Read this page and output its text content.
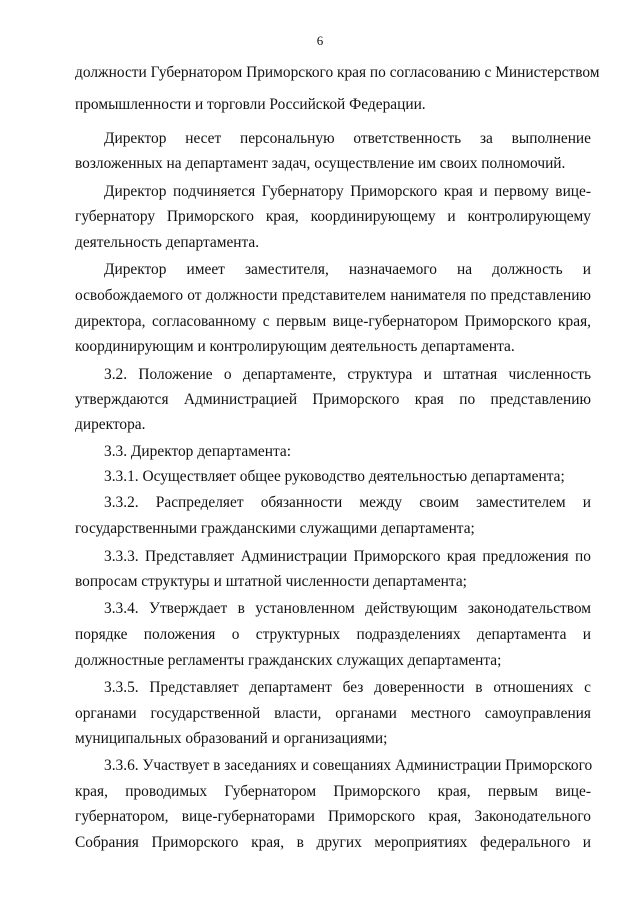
6
должности Губернатором Приморского края по согласованию с Министерством
промышленности и торговли Российской Федерации.
Директор несет персональную ответственность за выполнение
возложенных на департамент задач, осуществление им своих полномочий.
Директор подчиняется Губернатору Приморского края и первому вице-
губернатору Приморского края, координирующему и контролирующему
деятельность департамента.
Директор имеет заместителя, назначаемого на должность и
освобождаемого от должности представителем нанимателя по представлению
директора, согласованному с первым вице-губернатором Приморского края,
координирующим и контролирующим деятельность департамента.
3.2. Положение о департаменте, структура и штатная численность
утверждаются Администрацией Приморского края по представлению
директора.
3.3. Директор департамента:
3.3.1. Осуществляет общее руководство деятельностью департамента;
3.3.2. Распределяет обязанности между своим заместителем и
государственными гражданскими служащими департамента;
3.3.3. Представляет Администрации Приморского края предложения по
вопросам структуры и штатной численности департамента;
3.3.4. Утверждает в установленном действующим законодательством
порядке положения о структурных подразделениях департамента и
должностные регламенты гражданских служащих департамента;
3.3.5. Представляет департамент без доверенности в отношениях с
органами государственной власти, органами местного самоуправления
муниципальных образований и организациями;
3.3.6. Участвует в заседаниях и совещаниях Администрации Приморского
края, проводимых Губернатором Приморского края, первым вице-
губернатором, вице-губернаторами Приморского края, Законодательного
Собрания Приморского края, в других мероприятиях федерального и
